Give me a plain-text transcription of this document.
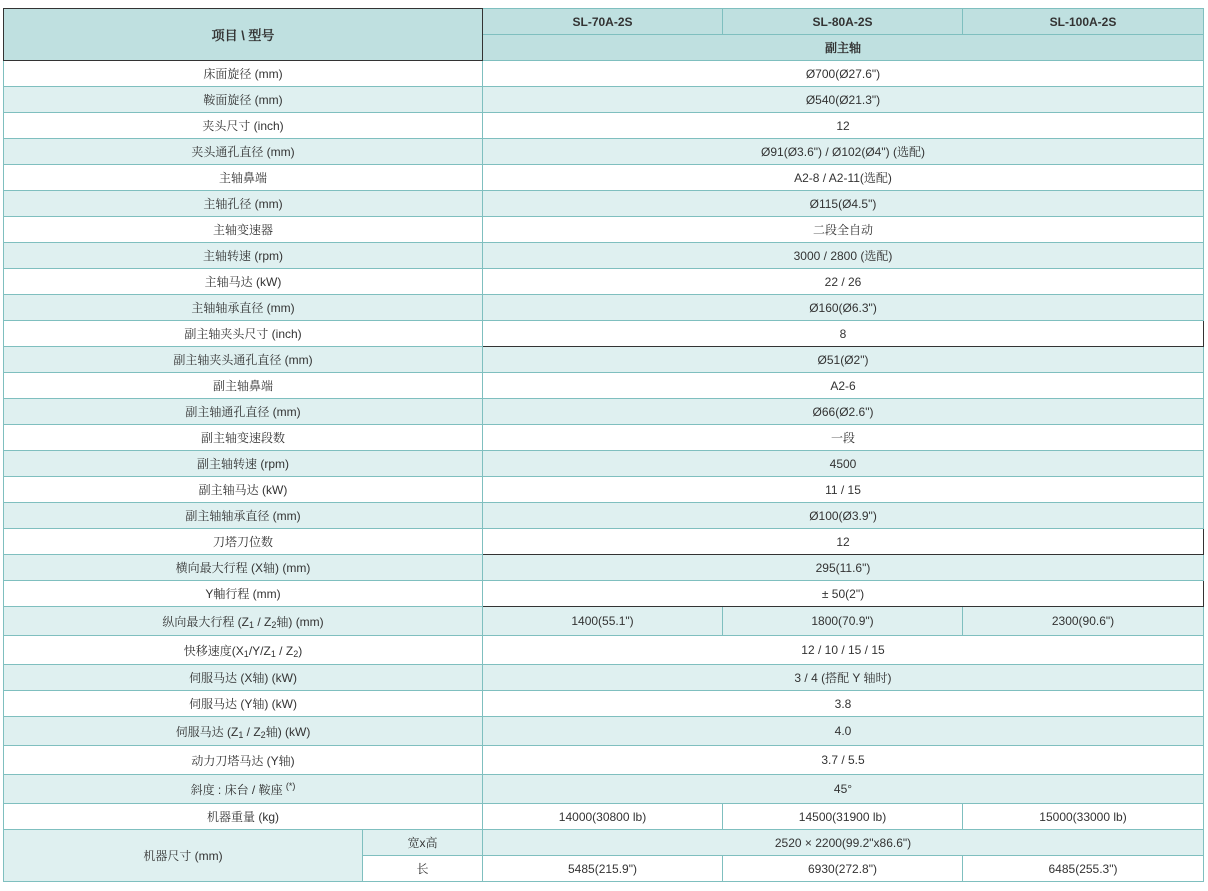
项目 \ 型号		SL-70A-2S	SL-80A-2S	SL-100A-2S
		副主轴		
床面旋径 (mm)		Ø700(Ø27.6")		
鞍面旋径 (mm)		Ø540(Ø21.3")		
夹头尺寸 (inch)		12		
夹头通孔直径 (mm)		Ø91(Ø3.6") / Ø102(Ø4") (选配)		
主轴鼻端		A2-8 / A2-11(选配)		
主轴孔径 (mm)		Ø115(Ø4.5")		
主轴变速器		二段全自动		
主轴转速 (rpm)		3000 / 2800 (选配)		
主轴马达 (kW)		22 / 26		
主轴轴承直径 (mm)		Ø160(Ø6.3")		
副主轴夹头尺寸 (inch)		8		
副主轴夹头通孔直径 (mm)		Ø51(Ø2")		
副主轴鼻端		A2-6		
副主轴通孔直径 (mm)		Ø66(Ø2.6")		
副主轴变速段数		一段		
副主轴转速 (rpm)		4500		
副主轴马达 (kW)		11 / 15		
副主轴轴承直径 (mm)		Ø100(Ø3.9")		
刀塔刀位数		12		
横向最大行程 (X轴) (mm)		295(11.6")		
Y軸行程 (mm)		± 50(2")		
纵向最大行程 ($Z_1 / Z_2$轴) (mm)		1400(55.1")	1800(70.9")	2300(90.6")
快移速度$(X_1/Y/Z_1 / Z_2)$		12 / 10 / 15 / 15		
伺服马达 (X轴) (kW)		3 / 4 (搭配 Y 轴时)		
伺服马达 (Y轴) (kW)		3.8		
伺服马达 ($Z_1 / Z_2$轴) (kW)		4.0		
动力刀塔马达 (Y轴)		3.7 / 5.5		
斜度 : 床台 / 鞍座 (*)		45°		
机器重量 (kg)		14000(30800 lb)	14500(31900 lb)	15000(33000 lb)
机器尺寸 (mm)	宽x高	2520 × 2200(99.2"x86.6")		
	长	5485(215.9")	6930(272.8")	6485(255.3")
